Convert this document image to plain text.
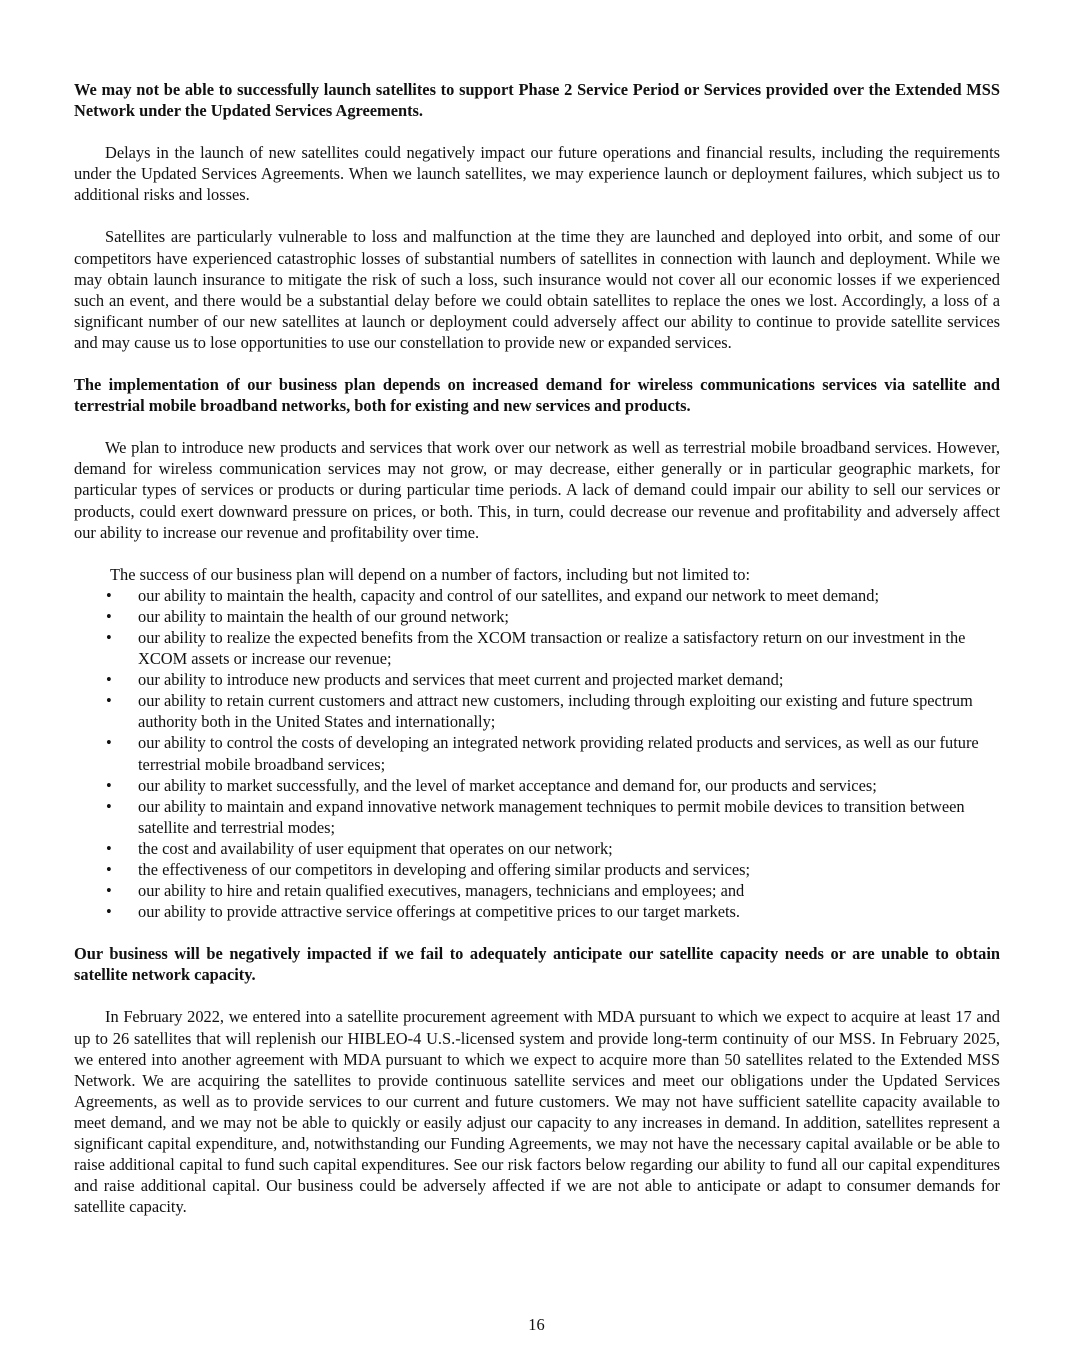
We may not be able to successfully launch satellites to support Phase 2 Service Period or Services provided over the Extended MSS Network under the Updated Services Agreements.

Delays in the launch of new satellites could negatively impact our future operations and financial results, including the requirements under the Updated Services Agreements. When we launch satellites, we may experience launch or deployment failures, which subject us to additional risks and losses.

Satellites are particularly vulnerable to loss and malfunction at the time they are launched and deployed into orbit, and some of our competitors have experienced catastrophic losses of substantial numbers of satellites in connection with launch and deployment. While we may obtain launch insurance to mitigate the risk of such a loss, such insurance would not cover all our economic losses if we experienced such an event, and there would be a substantial delay before we could obtain satellites to replace the ones we lost. Accordingly, a loss of a significant number of our new satellites at launch or deployment could adversely affect our ability to continue to provide satellite services and may cause us to lose opportunities to use our constellation to provide new or expanded services.

The implementation of our business plan depends on increased demand for wireless communications services via satellite and terrestrial mobile broadband networks, both for existing and new services and products.

We plan to introduce new products and services that work over our network as well as terrestrial mobile broadband services. However, demand for wireless communication services may not grow, or may decrease, either generally or in particular geographic markets, for particular types of services or products or during particular time periods. A lack of demand could impair our ability to sell our services or products, could exert downward pressure on prices, or both. This, in turn, could decrease our revenue and profitability and adversely affect our ability to increase our revenue and profitability over time.

The success of our business plan will depend on a number of factors, including but not limited to:

• our ability to maintain the health, capacity and control of our satellites, and expand our network to meet demand;
• our ability to maintain the health of our ground network;
• our ability to realize the expected benefits from the XCOM transaction or realize a satisfactory return on our investment in the XCOM assets or increase our revenue;
• our ability to introduce new products and services that meet current and projected market demand;
• our ability to retain current customers and attract new customers, including through exploiting our existing and future spectrum authority both in the United States and internationally;
• our ability to control the costs of developing an integrated network providing related products and services, as well as our future terrestrial mobile broadband services;
• our ability to market successfully, and the level of market acceptance and demand for, our products and services;
• our ability to maintain and expand innovative network management techniques to permit mobile devices to transition between satellite and terrestrial modes;
• the cost and availability of user equipment that operates on our network;
• the effectiveness of our competitors in developing and offering similar products and services;
• our ability to hire and retain qualified executives, managers, technicians and employees; and
• our ability to provide attractive service offerings at competitive prices to our target markets.

Our business will be negatively impacted if we fail to adequately anticipate our satellite capacity needs or are unable to obtain satellite network capacity.

In February 2022, we entered into a satellite procurement agreement with MDA pursuant to which we expect to acquire at least 17 and up to 26 satellites that will replenish our HIBLEO-4 U.S.-licensed system and provide long-term continuity of our MSS. In February 2025, we entered into another agreement with MDA pursuant to which we expect to acquire more than 50 satellites related to the Extended MSS Network. We are acquiring the satellites to provide continuous satellite services and meet our obligations under the Updated Services Agreements, as well as to provide services to our current and future customers. We may not have sufficient satellite capacity available to meet demand, and we may not be able to quickly or easily adjust our capacity to any increases in demand. In addition, satellites represent a significant capital expenditure, and, notwithstanding our Funding Agreements, we may not have the necessary capital available or be able to raise additional capital to fund such capital expenditures. See our risk factors below regarding our ability to fund all our capital expenditures and raise additional capital. Our business could be adversely affected if we are not able to anticipate or adapt to consumer demands for satellite capacity.

16
